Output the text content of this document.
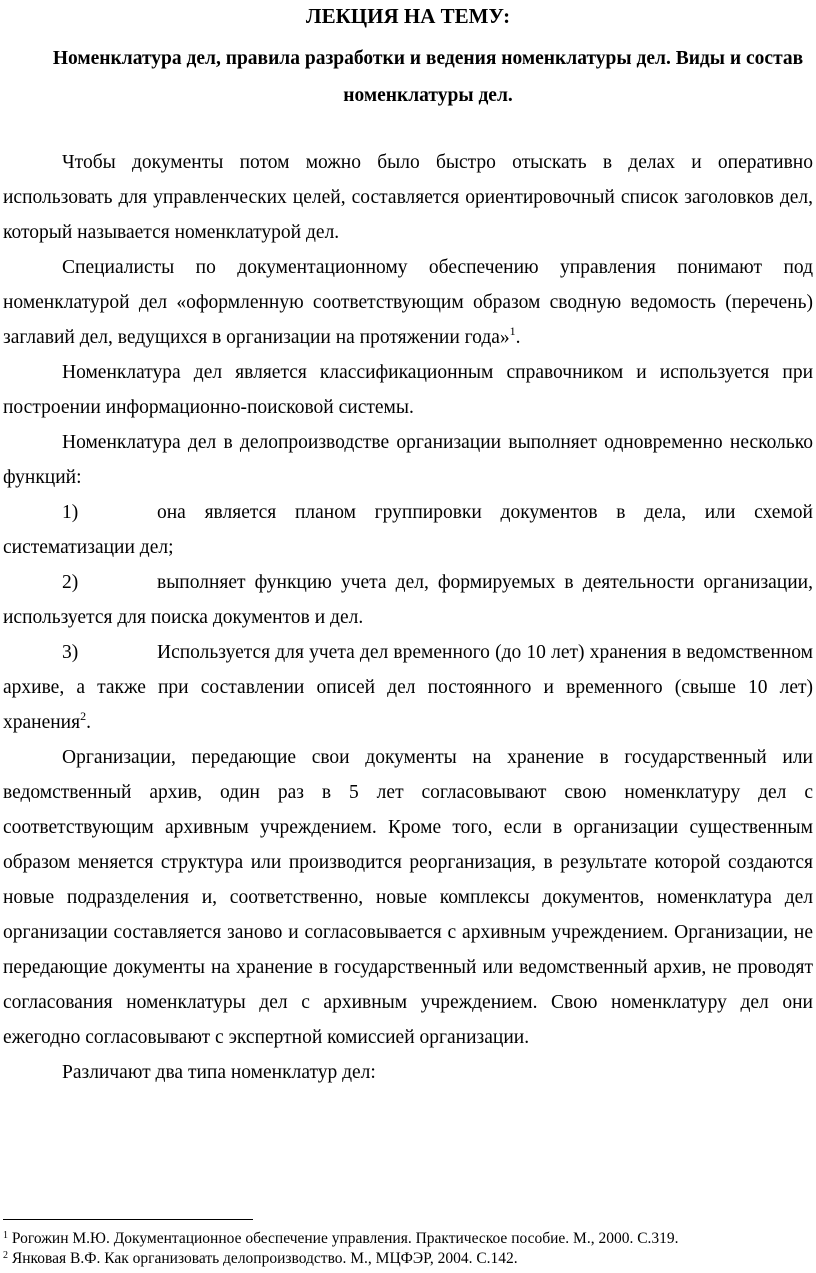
ЛЕКЦИЯ НА ТЕМУ:
Номенклатура дел, правила разработки и ведения номенклатуры дел. Виды и состав номенклатуры дел.

Чтобы документы потом можно было быстро отыскать в делах и оперативно использовать для управленческих целей, составляется ориентировочный список заголовков дел, который называется номенклатурой дел.

Специалисты по документационному обеспечению управления понимают под номенклатурой дел «оформленную соответствующим образом сводную ведомость (перечень) заглавий дел, ведущихся в организации на протяжении года»$^1$.

Номенклатура дел является классификационным справочником и используется при построении информационно-поисковой системы.

Номенклатура дел в делопроизводстве организации выполняет одновременно несколько функций:

1)	она является планом группировки документов в дела, или схемой систематизации дел;

2)	выполняет функцию учета дел, формируемых в деятельности организации, используется для поиска документов и дел.

3)	Используется для учета дел временного (до 10 лет) хранения в ведомственном архиве, а также при составлении описей дел постоянного и временного (свыше 10 лет) хранения$^2$.

Организации, передающие свои документы на хранение в государственный или ведомственный архив, один раз в 5 лет согласовывают свою номенклатуру дел с соответствующим архивным учреждением. Кроме того, если в организации существенным образом меняется структура или производится реорганизация, в результате которой создаются новые подразделения и, соответственно, новые комплексы документов, номенклатура дел организации составляется заново и согласовывается с архивным учреждением. Организации, не передающие документы на хранение в государственный или ведомственный архив, не проводят согласования номенклатуры дел с архивным учреждением. Свою номенклатуру дел они ежегодно согласовывают с экспертной комиссией организации.

Различают два типа номенклатур дел:

$^1$ Рогожин М.Ю. Документационное обеспечение управления. Практическое пособие. М., 2000. С.319.

$^2$ Янковая В.Ф. Как организовать делопроизводство. М., МЦФЭР, 2004. С.142.
